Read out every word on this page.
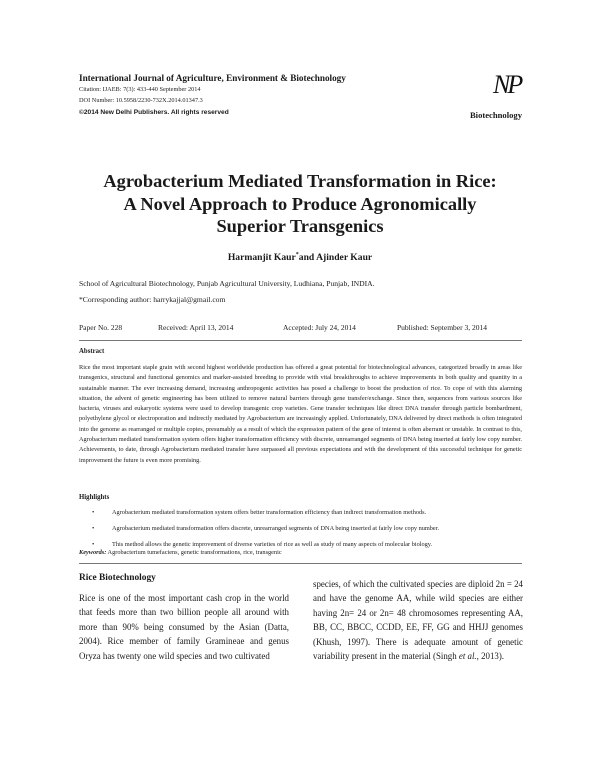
International Journal of Agriculture, Environment & Biotechnology
Citation: IJAEB: 7(3): 433-440 September 2014
DOI Number: 10.5958/2230-732X.2014.01347.3
©2014 New Delhi Publishers. All rights reserved
NP
Biotechnology
Agrobacterium Mediated Transformation in Rice:
A Novel Approach to Produce Agronomically
Superior Transgenics
Harmanjit Kaur*and Ajinder Kaur
School of Agricultural Biotechnology, Punjab Agricultural University, Ludhiana, Punjab, INDIA.
*Corresponding author: harrykajjal@gmail.com
Paper No. 228	Received: April 13, 2014	Accepted: July 24, 2014	Published: September 3, 2014
Abstract
Rice the most important staple grain with second highest worldwide production has offered a great potential for biotechnological advances, categorized broadly in areas like transgenics, structural and functional genomics and marker-assisted breeding to provide with vital breakthroughs to achieve improvements in both quality and quantity in a sustainable manner. The ever increasing demand, increasing anthropogenic activities has posed a challenge to boost the production of rice. To cope of with this alarming situation, the advent of genetic engineering has been utilized to remove natural barriers through gene transfer/exchange. Since then, sequences from various sources like bacteria, viruses and eukaryotic systems were used to develop transgenic crop varieties. Gene transfer techniques like direct DNA transfer through particle bombardment, polyethylene glycol or electroporation and indirectly mediated by Agrobacterium are increasingly applied. Unfortunately, DNA delivered by direct methods is often integrated into the genome as rearranged or multiple copies, presumably as a result of which the expression pattern of the gene of interest is often aberrant or unstable. In contrast to this, Agrobacterium mediated transformation system offers higher transformation efficiency with discrete, unrearranged segments of DNA being inserted at fairly low copy number. Achievements, to date, through Agrobacterium mediated transfer have surpassed all previous expectations and with the development of this successful technique for genetic improvement the future is even more promising.
Highlights
• Agrobacterium mediated transformation system offers better transformation efficiency than indirect transformation methods.
• Agrobacterium mediated transformation offers discrete, unrearranged segments of DNA being inserted at fairly low copy number.
• This method allows the genetic improvement of diverse varieties of rice as well as study of many aspects of molecular biology.
Keywords: Agrobacterium tumefaciens, genetic transformations, rice, transgenic
Rice Biotechnology
Rice is one of the most important cash crop in the world that feeds more than two billion people all around with more than 90% being consumed by the Asian (Datta, 2004). Rice member of family Gramineae and genus Oryza has twenty one wild species and two cultivated
species, of which the cultivated species are diploid 2n = 24 and have the genome AA, while wild species are either having 2n= 24 or 2n= 48 chromosomes representing AA, BB, CC, BBCC, CCDD, EE, FF, GG and HHJJ genomes (Khush, 1997). There is adequate amount of genetic variability present in the material (Singh et al., 2013).
